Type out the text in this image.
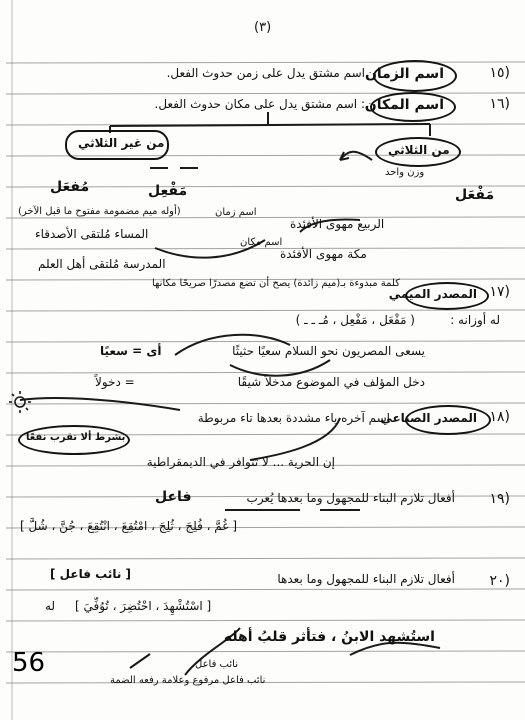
(٣)
(١٥
اسم الزمان
اسم مشتق يدل على زمن حدوث الفعل.
(١٦
اسم المكان
: اسم مشتق يدل على مكان حدوث الفعل.
من غير الثلاثي	من الثلاثي
وزن واحد
مُفعَل	مَفْعِل	مَفْعَل
(أوله ميم مضمومة مفتوح ما قبل الآخر)
المساء مُلتقى الأصدقاء
الربيع مهوى الأفئدة
اسم زمان
المدرسة مُلتقى أهل العلم
مكة مهوى الأفئدة
اسم مكان
(١٧
المصدر الميمي
كلمة مبدوءة بـ(ميم زائدة) يصح أن تضع مصدرًا صريحًا مكانها
له أوزانه :
( مَفْعَل ، مَفْعِل ، مُـ ـ ـ )
يسعى المصريون نحو السلام سعيًا حثيثًا
أى = سعيًا
دخل المؤلف في الموضوع مدخلاً شيقًا
= دخولاً
(١٨
المصدر الصناعي
اسم آخره ياء مشددة بعدها تاء مربوطة
بشرط ألا تقرب نفعًا
إن الحرية ... لا تتوافر في الديمقراطية
(١٩
أفعال تلازم البناء للمجهول وما بعدها يُعرب
فاعل
[ غُمَّ ، فُلِجَ ، ثُلِجَ ، امْتُقِعَ ، انْتُقِعَ ، جُنَّ ، شُلَّ ]
(٢٠
أفعال تلازم البناء للمجهول وما بعدها
[ نائب فاعل ]
[ اسْتُشْهِدَ ، احْتُضِرَ ، تُوُفِّيَ ]
له
استُشهد الابنُ ، فتأثر قلبُ أهله
نائب فاعل
نائب فاعل مرفوع وعلامة رفعه الضمة
56
